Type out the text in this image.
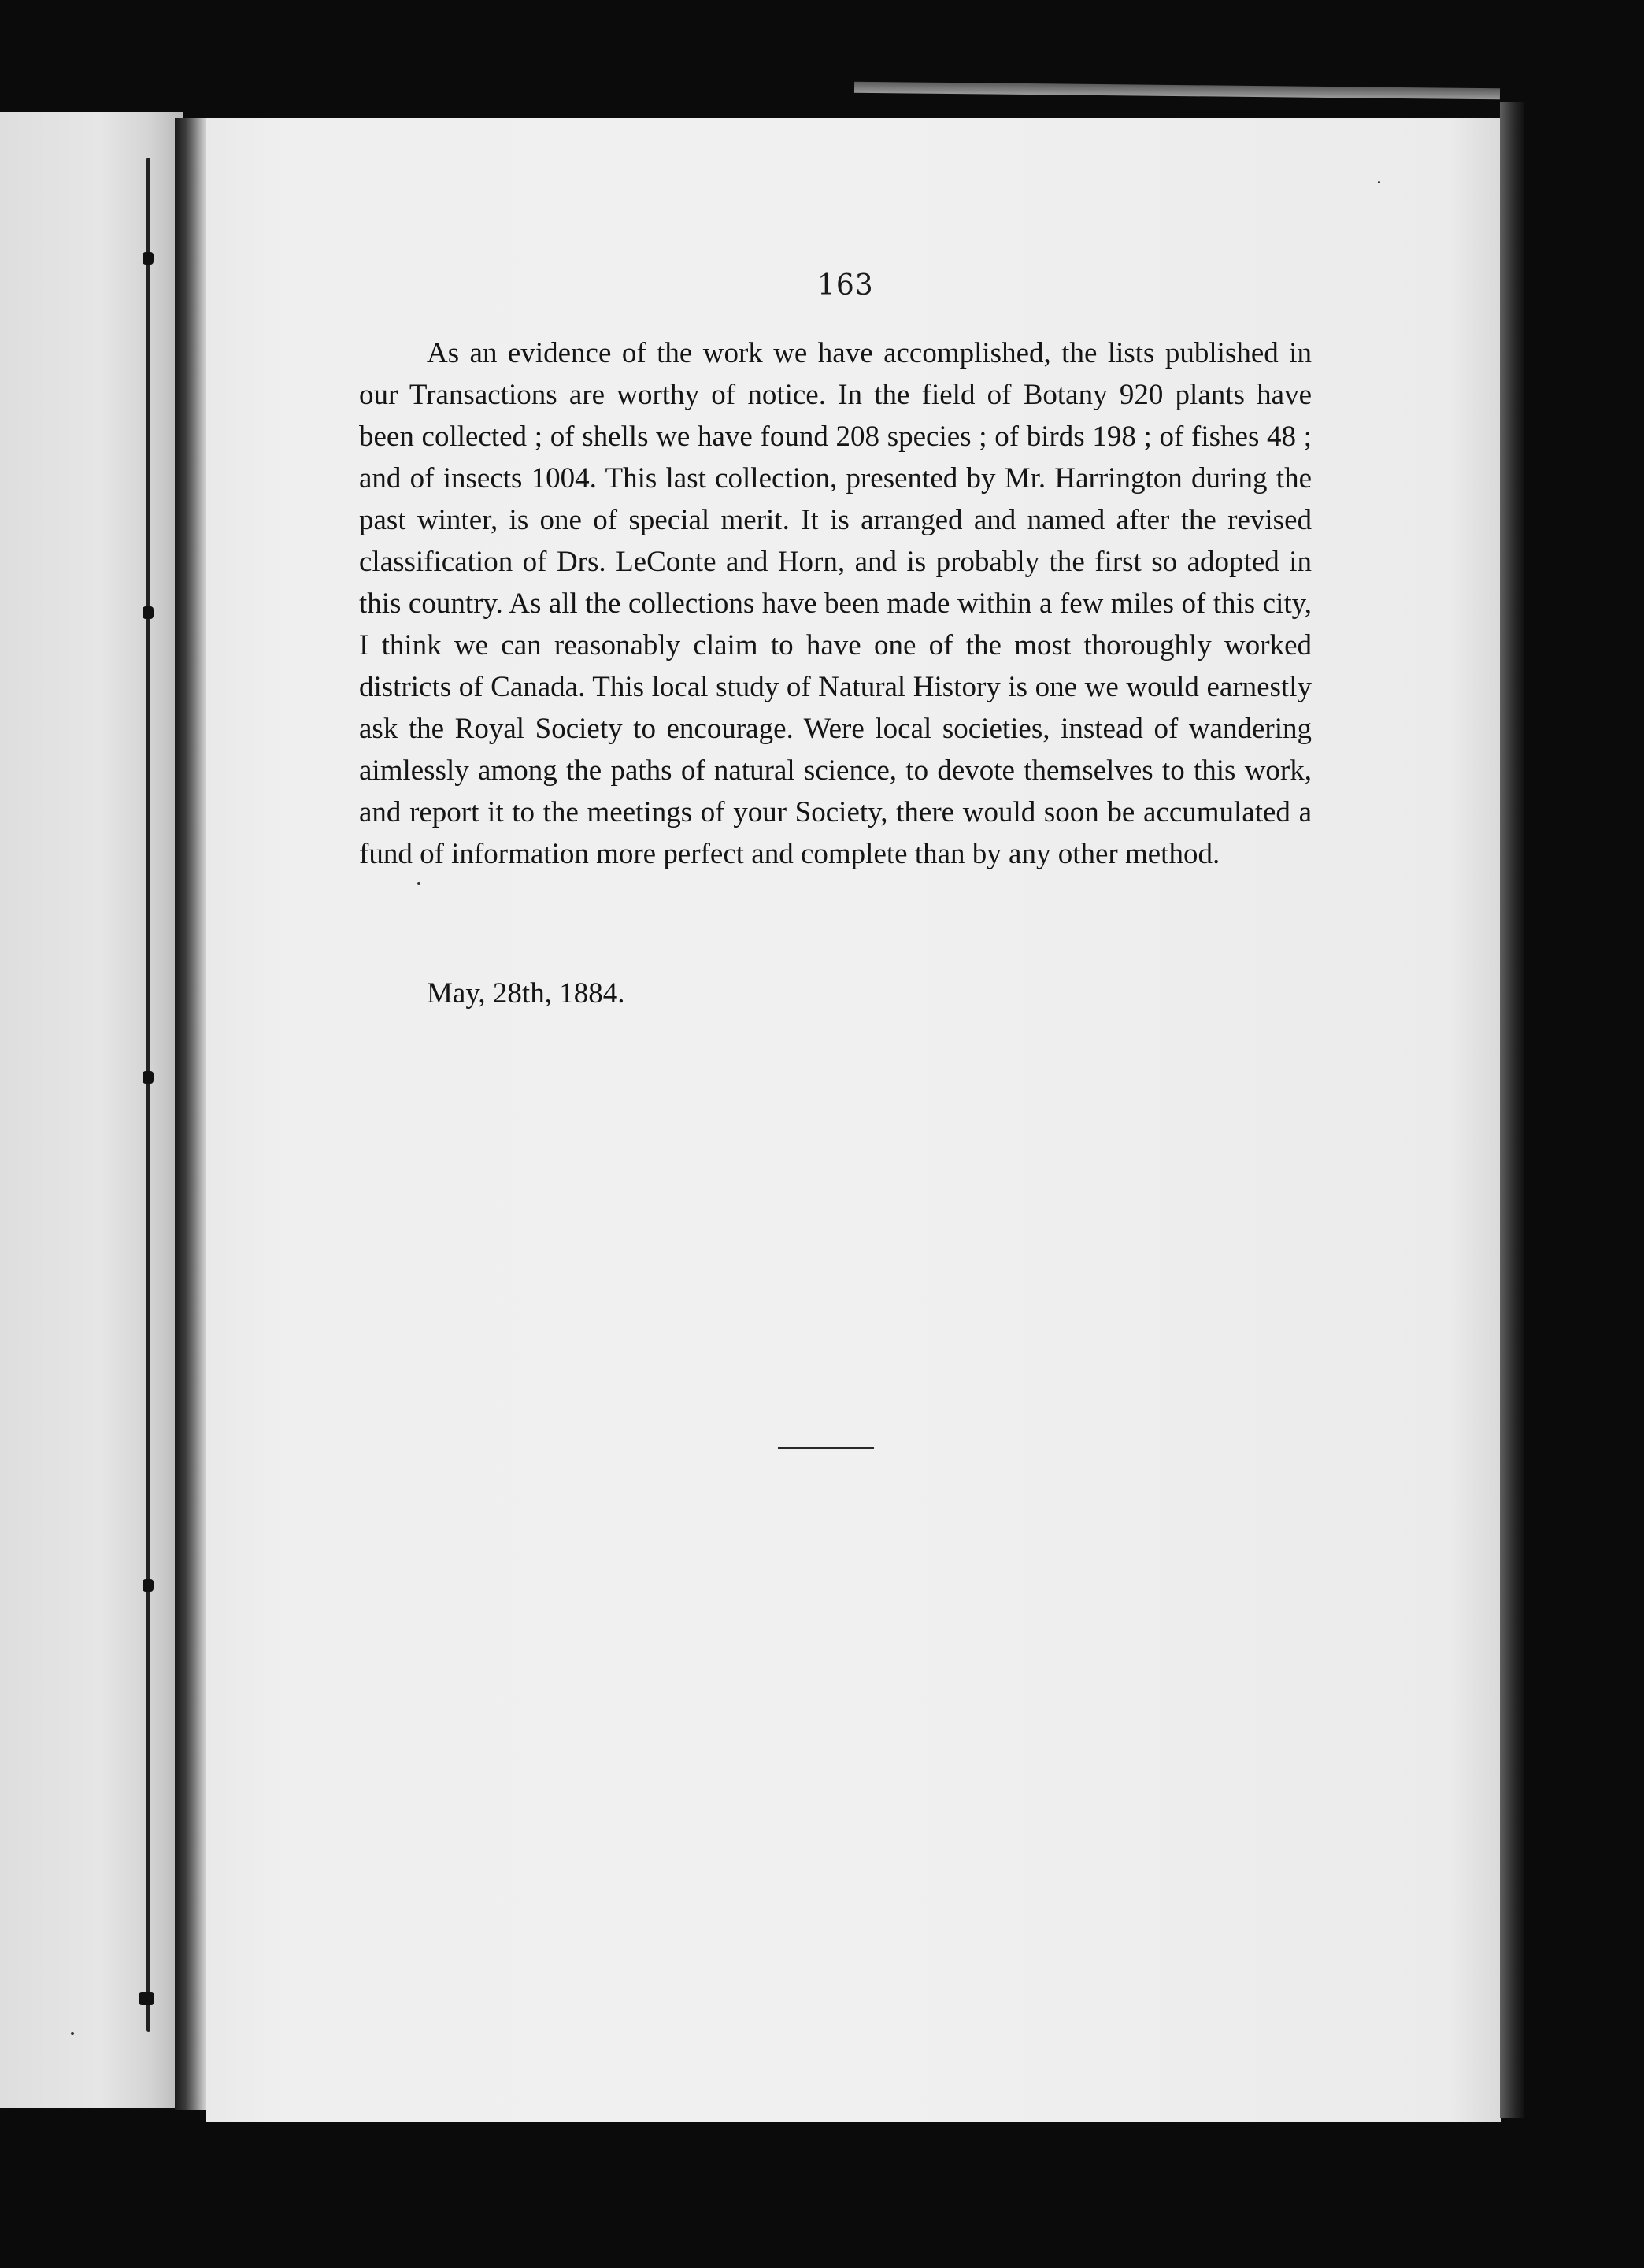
163

As an evidence of the work we have accomplished, the lists published in our Transactions are worthy of notice. In the field of Botany 920 plants have been collected ; of shells we have found 208 species ; of birds 198 ; of fishes 48 ; and of insects 1004. This last collection, presented by Mr. Harrington during the past winter, is one of special merit. It is arranged and named after the revised classification of Drs. LeConte and Horn, and is probably the first so adopted in this country. As all the collections have been made within a few miles of this city, I think we can reasonably claim to have one of the most thoroughly worked districts of Canada. This local study of Natural History is one we would earnestly ask the Royal Society to encourage. Were local societies, instead of wandering aimlessly among the paths of natural science, to devote themselves to this work, and report it to the meetings of your Society, there would soon be accumulated a fund of information more perfect and complete than by any other method.

May, 28th, 1884.
